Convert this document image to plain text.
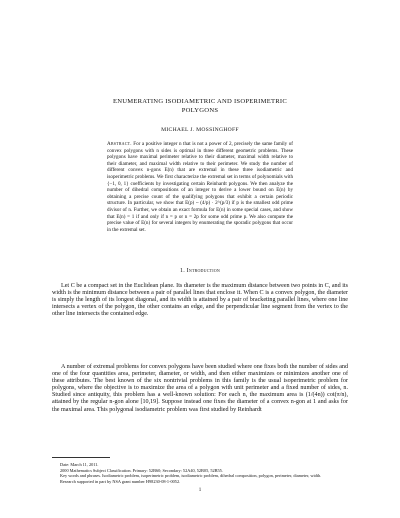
ENUMERATING ISODIAMETRIC AND ISOPERIMETRIC
POLYGONS
MICHAEL J. MOSSINGHOFF
Abstract. For a positive integer n that is not a power of 2, precisely the same family of convex polygons with n sides is optimal in three different geometric problems. These polygons have maximal perimeter relative to their diameter, maximal width relative to their diameter, and maximal width relative to their perimeter. We study the number of different convex n-gons E(n) that are extremal in these three isodiametric and isoperimetric problems. We first characterize the extremal set in terms of polynomials with {−1, 0, 1} coefficients by investigating certain Reinhardt polygons. We then analyze the number of dihedral compositions of an integer to derive a lower bound on E(n) by obtaining a precise count of the qualifying polygons that exhibit a certain periodic structure. In particular, we show that E(p) ~ (4/p) · 2^(p/3) if p is the smallest odd prime divisor of n. Further, we obtain an exact formula for E(n) in some special cases, and show that E(n) = 1 if and only if n = p or n = 2p for some odd prime p. We also compute the precise value of E(n) for several integers by enumerating the sporadic polygons that occur in the extremal set.
1. Introduction
Let C be a compact set in the Euclidean plane. Its diameter is the maximum distance between two points in C, and its width is the minimum distance between a pair of parallel lines that enclose it. When C is a convex polygon, the diameter is simply the length of its longest diagonal, and its width is attained by a pair of bracketing parallel lines, where one line intersects a vertex of the polygon, the other contains an edge, and the perpendicular line segment from the vertex to the other line intersects the contained edge.
A number of extremal problems for convex polygons have been studied where one fixes both the number of sides and one of the four quantities area, perimeter, diameter, or width, and then either maximizes or minimizes another one of these attributes. The best known of the six nontrivial problems in this family is the usual isoperimetric problem for polygons, where the objective is to maximize the area of a polygon with unit perimeter and a fixed number of sides, n. Studied since antiquity, this problem has a well-known solution: For each n, the maximum area is (1/(4n)) cot(π/n), attained by the regular n-gon alone [10,19]. Suppose instead one fixes the diameter of a convex n-gon at 1 and asks for the maximal area. This polygonal isodiametric problem was first studied by Reinhardt
Date: March 11, 2011.
2000 Mathematics Subject Classification. Primary: 52B60; Secondary: 52A40, 52B05, 52B55.
Key words and phrases. Isodiametric problem, isoperimetric problem, isodiametric problem, dihedral composition, polygon, perimeter, diameter, width.
Research supported in part by NSA grant number H98230-08-1-0052.
1
